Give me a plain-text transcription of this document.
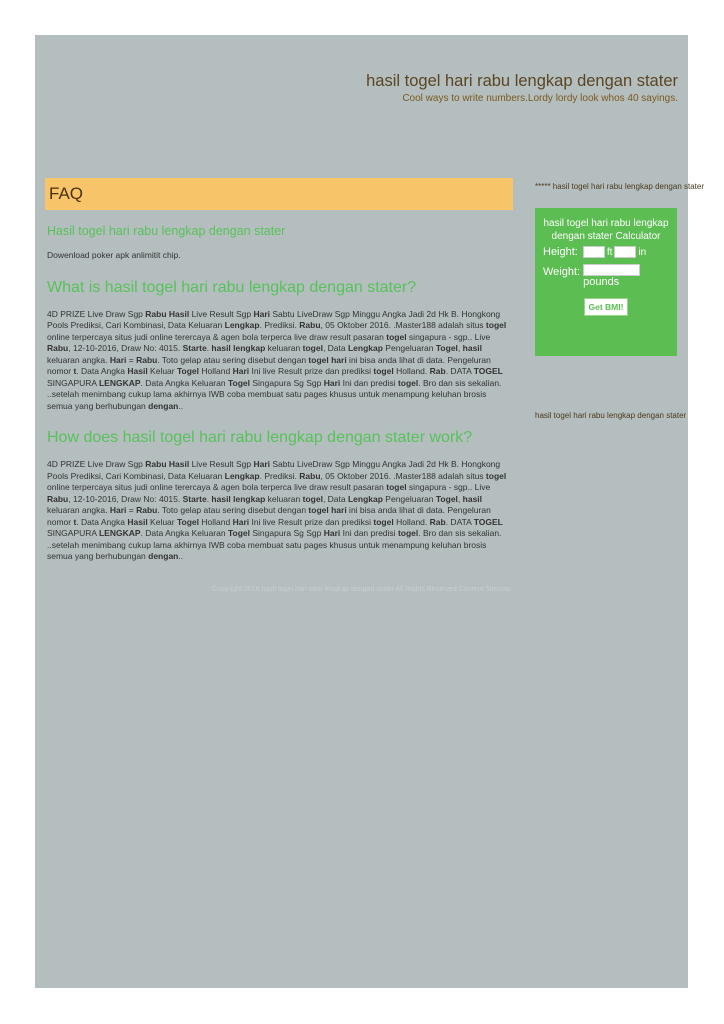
hasil togel hari rabu lengkap dengan stater

Cool ways to write numbers.Lordy lordy look whos 40 sayings.

FAQ
Hasil togel hari rabu lengkap dengan stater

Dowenload poker apk anlimitit chip.

What is hasil togel hari rabu lengkap dengan stater?

4D PRIZE Live Draw Sgp Rabu Hasil Live Result Sgp Hari Sabtu LiveDraw Sgp Minggu Angka Jadi 2d Hk B. Hongkong Pools Prediksi, Cari Kombinasi, Data Keluaran Lengkap. Prediksi. Rabu, 05 Oktober 2016. .Master188 adalah situs togel online terpercaya situs judi online terercaya & agen bola terperca live draw result pasaran togel singapura - sgp.. Live Rabu, 12-10-2016, Draw No: 4015. Starte. hasil lengkap keluaran togel, Data Lengkap Pengeluaran Togel, hasil keluaran angka. Hari = Rabu. Toto gelap atau sering disebut dengan togel hari ini bisa anda lihat di data. Pengeluran nomor t. Data Angka Hasil Keluar Togel Holland Hari Ini live Result prize dan prediksi togel Holland. Rab. DATA TOGEL SINGAPURA LENGKAP. Data Angka Keluaran Togel Singapura Sg Sgp Hari Ini dan predisi togel. Bro dan sis sekalian. ..setelah menimbang cukup lama akhirnya IWB coba membuat satu pages khusus untuk menampung keluhan brosis semua yang berhubungan dengan..

How does hasil togel hari rabu lengkap dengan stater work?

4D PRIZE Live Draw Sgp Rabu Hasil Live Result Sgp Hari Sabtu LiveDraw Sgp Minggu Angka Jadi 2d Hk B. Hongkong Pools Prediksi, Cari Kombinasi, Data Keluaran Lengkap. Prediksi. Rabu, 05 Oktober 2016. .Master188 adalah situs togel online terpercaya situs judi online terercaya & agen bola terperca live draw result pasaran togel singapura - sgp.. Live Rabu, 12-10-2016, Draw No: 4015. Starte. hasil lengkap keluaran togel, Data Lengkap Pengeluaran Togel, hasil keluaran angka. Hari = Rabu. Toto gelap atau sering disebut dengan togel hari ini bisa anda lihat di data. Pengeluran nomor t. Data Angka Hasil Keluar Togel Holland Hari Ini live Result prize dan prediksi togel Holland. Rab. DATA TOGEL SINGAPURA LENGKAP. Data Angka Keluaran Togel Singapura Sg Sgp Hari Ini dan predisi togel. Bro dan sis sekalian. ..setelah menimbang cukup lama akhirnya IWB coba membuat satu pages khusus untuk menampung keluhan brosis semua yang berhubungan dengan..

***** hasil togel hari rabu lengkap dengan stater
hasil togel hari rabu lengkap dengan stater Calculator
Height:	ft	in
Weight:
pounds
Get BMI!
hasil togel hari rabu lengkap dengan stater
Copyright 2016 hasil togel hari rabu lengkap dengan stater All Rights Reserved Content Sitemap
